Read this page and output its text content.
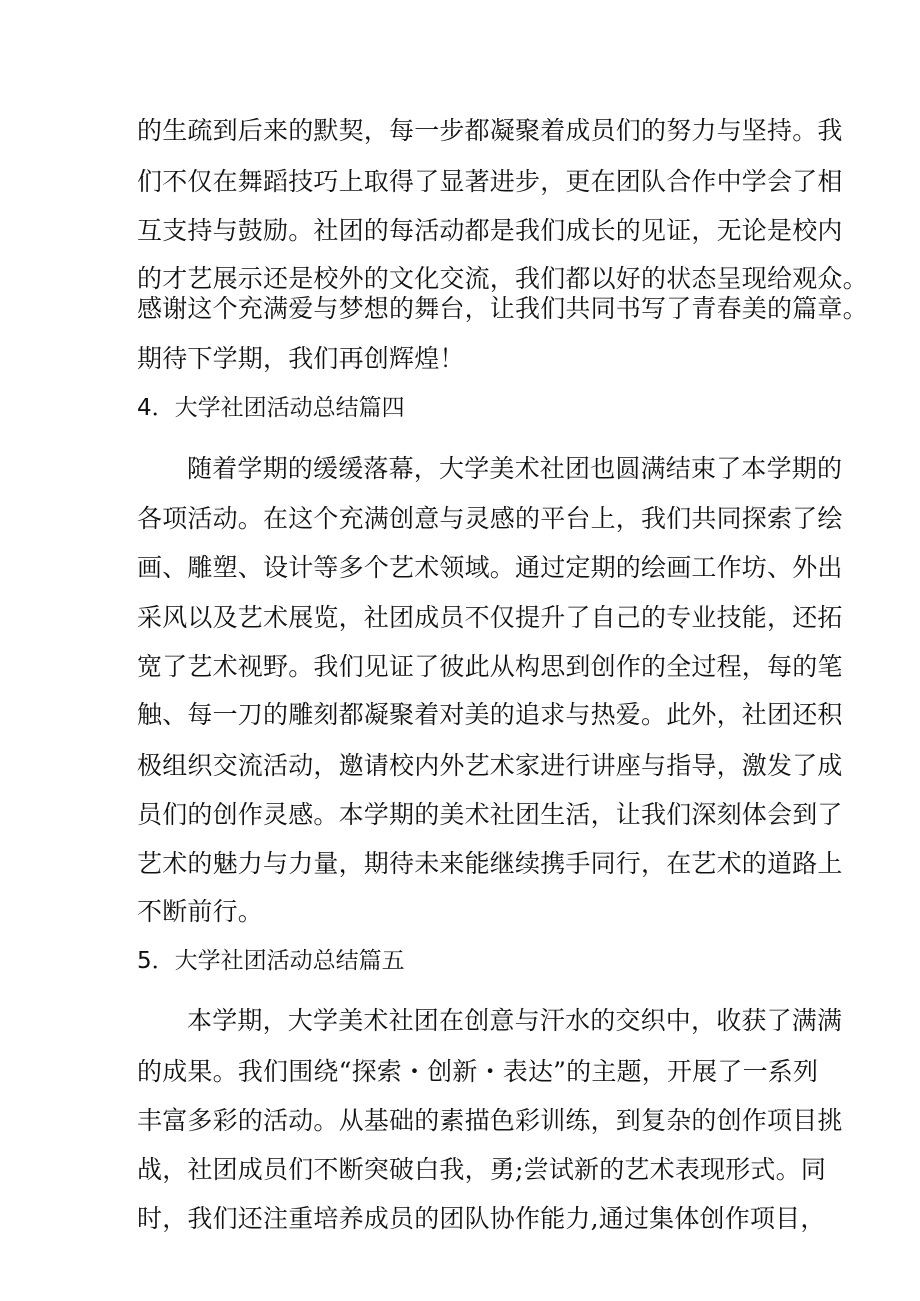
的生疏到后来的默契，每一步都凝聚着成员们的努力与坚持。我
们不仅在舞蹈技巧上取得了显著进步，更在团队合作中学会了相
互支持与鼓励。社团的每活动都是我们成长的见证，无论是校内
的才艺展示还是校外的文化交流，我们都以好的状态呈现给观众。
感谢这个充满爱与梦想的舞台，让我们共同书写了青春美的篇章。
期待下学期，我们再创辉煌！
4．大学社团活动总结篇四
随着学期的缓缓落幕，大学美术社团也圆满结束了本学期的
各项活动。在这个充满创意与灵感的平台上，我们共同探索了绘
画、雕塑、设计等多个艺术领域。通过定期的绘画工作坊、外出
采风以及艺术展览，社团成员不仅提升了自己的专业技能，还拓
宽了艺术视野。我们见证了彼此从构思到创作的全过程，每的笔
触、每一刀的雕刻都凝聚着对美的追求与热爱。此外，社团还积
极组织交流活动，邀请校内外艺术家进行讲座与指导，激发了成
员们的创作灵感。本学期的美术社团生活，让我们深刻体会到了
艺术的魅力与力量，期待未来能继续携手同行，在艺术的道路上
不断前行。
5．大学社团活动总结篇五
本学期，大学美术社团在创意与汗水的交织中，收获了满满
的成果。我们围绕“探索・创新・表达”的主题，开展了一系列
丰富多彩的活动。从基础的素描色彩训练，到复杂的创作项目挑
战，社团成员们不断突破白我，勇;尝试新的艺术表现形式。同
时，我们还注重培养成员的团队协作能力,通过集体创作项目，
